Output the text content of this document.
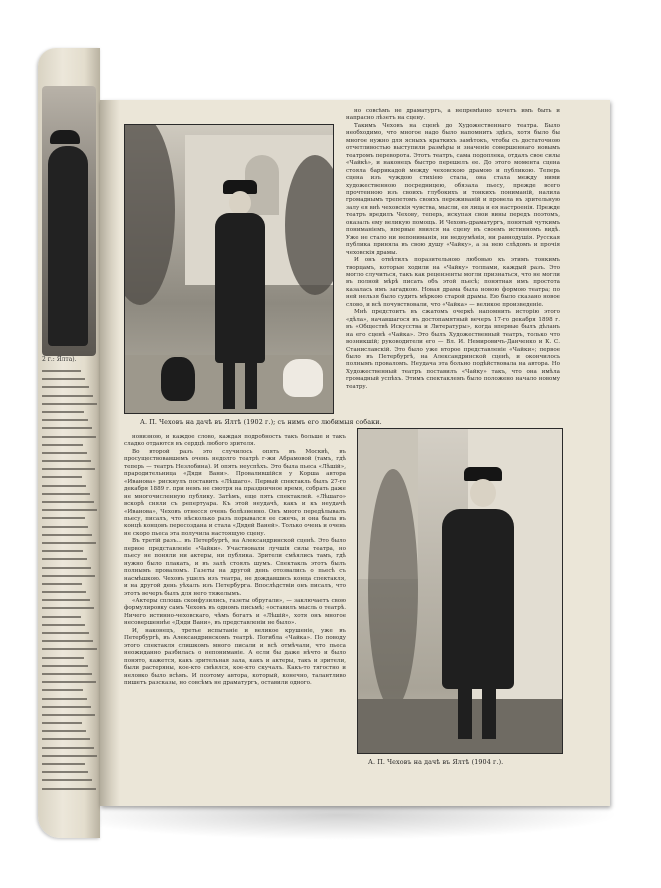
2 г.: Ялта).
А. П. Чеховъ на дачѣ въ Ялтѣ (1902 г.); съ нимъ его любимыя собаки.

но совсѣмъ не драматургъ, а непремѣнно хочетъ имъ быть и напрасно лѣзетъ на сцену.

Такимъ Чеховъ на сценѣ до Художественнаго театра. Было необходимо, что многое надо было напомнить здѣсь, хотя было бы многое нужно для ясныхъ краткихъ замѣтокъ, чтобы съ достаточною отчетливостью выступили размѣры и значеніе совершеннаго новымъ театромъ переворота. Этотъ театръ, сама подоплека, отдалъ свое силы «Чайкѣ», и наконецъ быстро перешелъ ее. До этого момента сцена стояла баррикадой между чеховскою драмою и публикою. Теперь сцена изъ чуждою стихіею стала, она стала между ними художественною посредницею, обязала пьесу, прежде всего прочтенною изъ своихъ глубокихъ и тонкихъ пониманій, налила громаднымъ трепетомъ своихъ переживаній и провела въ зрительную залу ея внѣ чеховскія чувства, мысли, ея лица и ея настроенія. Прежде театръ вредилъ Чехову, теперь, искупая свои вины передъ поэтомъ, оказалъ ему великую помощь. И Чеховъ-драматургъ, понятый чуткимъ пониманіемъ, впервые явился на сцену въ своемъ истинномъ видѣ. Уже не стало ни непониманія, ни недоумѣнія, ни равнодушія. Русская публика приняла въ свою душу «Чайку», а за нею слѣдомъ и прочія чеховскія драмы.

И онъ отвѣтилъ поразительною любовью къ этимъ тонкимъ творцамъ, которые ходили на «Чайку» толпами, каждый разъ. Это могло случиться, такъ как рецензенты могли признаться, что не могли въ полной мѣрѣ писать объ этой пьесѣ; понятная имъ простота казалась имъ загадкою. Новая драма была новою формою театра; по ней нельзя было судить мѣркою старой драмы. Ею было сказано новое слово, и всѣ почувствовали, что «Чайка» — великое произведеніе.

Мнѣ предстоитъ въ сжатомъ очеркѣ напомнить исторію этого «дѣла», начавшагося въ достопамятный вечеръ 17-го декабря 1898 г. въ «Обществѣ Искусства и Литературы», когда впервые былъ дѣланъ на его сценѣ «Чайка». Это былъ Художественный театръ, только что возникшій; руководители его — Вл. И. Немировичъ-Данченко и К. С. Станиславскій. Это было уже второе представленіе «Чайки»; первое было въ Петербургѣ, на Александринской сценѣ, и окончилось полнымъ проваломъ. Неудача эта больно подѣйствовала на автора. Но Художественный театръ поставилъ «Чайку» такъ, что она имѣла громадный успѣхъ. Этимъ спектаклемъ было положено начало новому театру.

новизною, и каждое слово, каждая подробность такъ больше и такъ сладко отдаются въ сердцѣ любого зрителя.

Во второй разъ это случилось опять въ Москвѣ, въ просуществовавшемъ очень недолго театрѣ г-жи Абрамовой (тамъ, гдѣ теперь — театръ Незлобина). И опять неуспѣхъ. Это была пьеса «Лѣшій», прародительница «Дяди Вани». Провалившійся у Корша автора «Иванова» рискнулъ поставить «Лѣшаго». Первый спектакль былъ 27-го декабря 1889 г. при немъ не смотря на праздничное время, собрать даже не многочисленную публику. Затѣмъ, еще пять спектаклей. «Лѣшаго» вскорѣ сняли съ репертуара. Къ этой неудачѣ, какъ и къ неудачѣ «Иванова», Чеховъ отнесся очень болѣзненно. Онъ много передѣлывалъ пьесу, писалъ, что нѣсколько разъ порывался ее сжечь, и она была въ концѣ концовъ пересоздана и стала «Дядей Ваней». Только очень и очень не скоро пьеса эта получила настоящую сцену.

Въ третій разъ... въ Петербургѣ, на Александринской сценѣ. Это было первое представленіе «Чайки». Участвовали лучшія силы театра, но пьесу не поняли ни актеры, ни публика. Зрители смѣялись тамъ, гдѣ нужно было плакать, и въ залѣ стоялъ шумъ. Спектакль этотъ былъ полнымъ проваломъ. Газеты на другой день отозвались о пьесѣ съ насмѣшкою. Чеховъ ушелъ изъ театра, не дождавшись конца спектакля, и на другой день уѣхалъ изъ Петербурга. Впослѣдствіи онъ писалъ, что этотъ вечеръ былъ для него тяжелымъ.

«Актеры сплошь сконфузились, газеты обругали», — заключаетъ свою формулировку самъ Чеховъ въ одномъ письмѣ; «оставилъ мысль о театрѣ. Ничего истинно-чеховскаго, чѣмъ богатъ и «Лѣшій», хотя онъ многое несовершеннѣе «Дяди Вани», въ представленіи не было».

И, наконецъ, третье испытаніе и великое крушеніе, уже въ Петербургѣ, въ Александринскомъ театрѣ. Погибла «Чайка». По поводу этого спектакля слишкомъ много писали и всѣ отмѣчали, что пьеса неожиданно разбилась о непониманіе. А если бы даже нѣчто и было понято, кажется, какъ зрительная зала, какъ и актеры, такъ и зрители, были растеряны, кое-кто смѣялся, кое-кто скучалъ. Какъ-то тягостно и неловко было всѣмъ. И поэтому автора, который, конечно, талантливо пишетъ разсказы, но совсѣмъ не драматургъ, оставили одного.

А. П. Чеховъ на дачѣ въ Ялтѣ (1904 г.).
